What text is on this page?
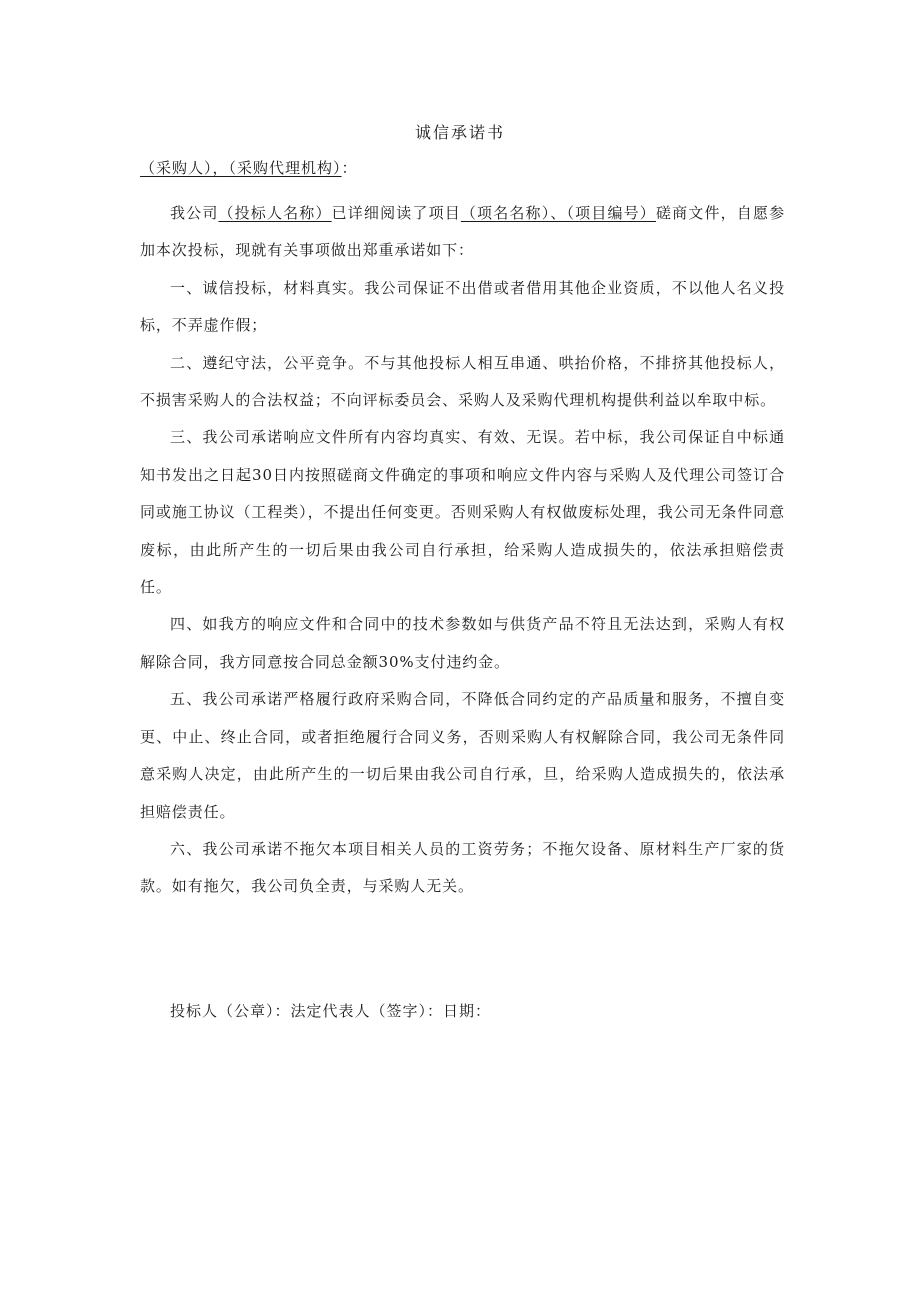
诚信承诺书
（采购人），（采购代理机构）：

我公司（投标人名称）已详细阅读了项目（项名名称）、（项目编号）磋商文件，自愿参加本次投标，现就有关事项做出郑重承诺如下：

一、诚信投标，材料真实。我公司保证不出借或者借用其他企业资质，不以他人名义投标，不弄虚作假；

二、遵纪守法，公平竞争。不与其他投标人相互串通、哄抬价格，不排挤其他投标人，不损害采购人的合法权益；不向评标委员会、采购人及采购代理机构提供利益以牟取中标。

三、我公司承诺响应文件所有内容均真实、有效、无误。若中标，我公司保证自中标通知书发出之日起30日内按照磋商文件确定的事项和响应文件内容与采购人及代理公司签订合同或施工协议（工程类），不提出任何变更。否则采购人有权做废标处理，我公司无条件同意废标，由此所产生的一切后果由我公司自行承担，给采购人造成损失的，依法承担赔偿责任。

四、如我方的响应文件和合同中的技术参数如与供货产品不符且无法达到，采购人有权解除合同，我方同意按合同总金额30%支付违约金。

五、我公司承诺严格履行政府采购合同，不降低合同约定的产品质量和服务，不擅自变更、中止、终止合同，或者拒绝履行合同义务，否则采购人有权解除合同，我公司无条件同意采购人决定，由此所产生的一切后果由我公司自行承，旦，给采购人造成损失的，依法承担赔偿责任。

六、我公司承诺不拖欠本项目相关人员的工资劳务；不拖欠设备、原材料生产厂家的货款。如有拖欠，我公司负全责，与采购人无关。

投标人（公章）：法定代表人（签字）：日期：
